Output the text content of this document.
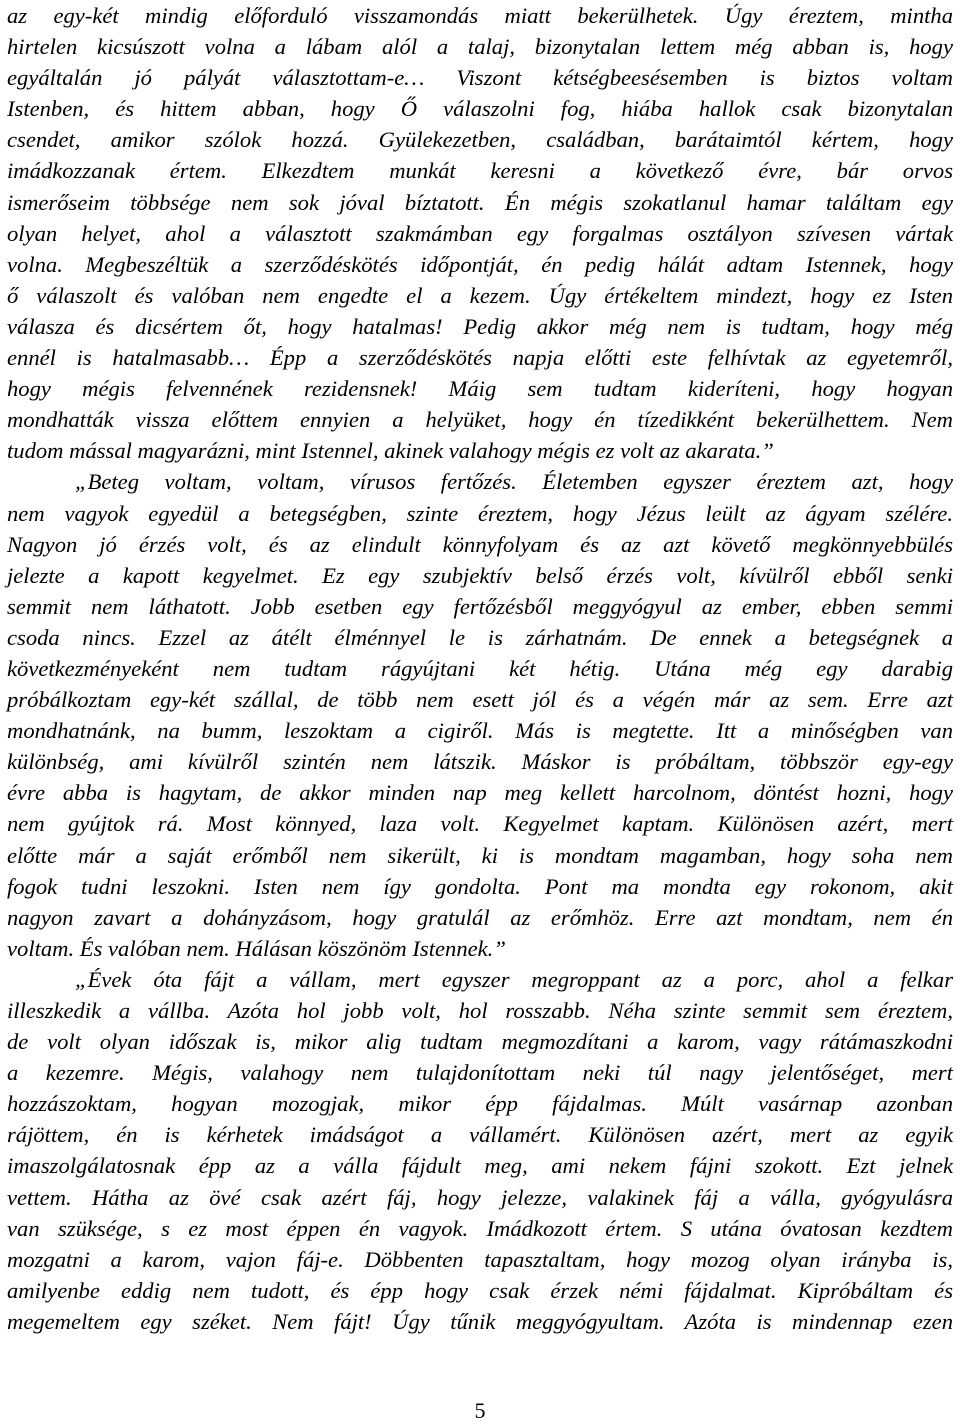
az egy-két mindig előforduló visszamondás miatt bekerülhetek. Úgy éreztem, mintha
hirtelen kicsúszott volna a lábam alól a talaj, bizonytalan lettem még abban is, hogy
egyáltalán jó pályát választottam-e… Viszont kétségbeesésemben is biztos voltam
Istenben, és hittem abban, hogy Ő válaszolni fog, hiába hallok csak bizonytalan
csendet, amikor szólok hozzá. Gyülekezetben, családban, barátaimtól kértem, hogy
imádkozzanak értem. Elkezdtem munkát keresni a következő évre, bár orvos
ismerőseim többsége nem sok jóval bíztatott. Én mégis szokatlanul hamar találtam egy
olyan helyet, ahol a választott szakmámban egy forgalmas osztályon szívesen vártak
volna. Megbeszéltük a szerződéskötés időpontját, én pedig hálát adtam Istennek, hogy
ő válaszolt és valóban nem engedte el a kezem. Úgy értékeltem mindezt, hogy ez Isten
válasza és dicsértem őt, hogy hatalmas! Pedig akkor még nem is tudtam, hogy még
ennél is hatalmasabb… Épp a szerződéskötés napja előtti este felhívtak az egyetemről,
hogy mégis felvennének rezidensnek! Máig sem tudtam kideríteni, hogy hogyan
mondhatták vissza előttem ennyien a helyüket, hogy én tízedikként bekerülhettem. Nem
tudom mással magyarázni, mint Istennel, akinek valahogy mégis ez volt az akarata.”
„Beteg voltam, voltam, vírusos fertőzés. Életemben egyszer éreztem azt, hogy
nem vagyok egyedül a betegségben, szinte éreztem, hogy Jézus leült az ágyam szélére.
Nagyon jó érzés volt, és az elindult könnyfolyam és az azt követő megkönnyebbülés
jelezte a kapott kegyelmet. Ez egy szubjektív belső érzés volt, kívülről ebből senki
semmit nem láthatott. Jobb esetben egy fertőzésből meggyógyul az ember, ebben semmi
csoda nincs. Ezzel az átélt élménnyel le is zárhatnám. De ennek a betegségnek a
következményeként nem tudtam rágyújtani két hétig. Utána még egy darabig
próbálkoztam egy-két szállal, de több nem esett jól és a végén már az sem. Erre azt
mondhatnánk, na bumm, leszoktam a cigiről. Más is megtette. Itt a minőségben van
különbség, ami kívülről szintén nem látszik. Máskor is próbáltam, többször egy-egy
évre abba is hagytam, de akkor minden nap meg kellett harcolnom, döntést hozni, hogy
nem gyújtok rá. Most könnyed, laza volt. Kegyelmet kaptam. Különösen azért, mert
előtte már a saját erőmből nem sikerült, ki is mondtam magamban, hogy soha nem
fogok tudni leszokni. Isten nem így gondolta. Pont ma mondta egy rokonom, akit
nagyon zavart a dohányzásom, hogy gratulál az erőmhöz. Erre azt mondtam, nem én
voltam. És valóban nem. Hálásan köszönöm Istennek.”
„Évek óta fájt a vállam, mert egyszer megroppant az a porc, ahol a felkar
illeszkedik a vállba. Azóta hol jobb volt, hol rosszabb. Néha szinte semmit sem éreztem,
de volt olyan időszak is, mikor alig tudtam megmozdítani a karom, vagy rátámaszkodni
a kezemre. Mégis, valahogy nem tulajdonítottam neki túl nagy jelentőséget, mert
hozzászoktam, hogyan mozogjak, mikor épp fájdalmas. Múlt vasárnap azonban
rájöttem, én is kérhetek imádságot a vállamért. Különösen azért, mert az egyik
imaszolgálatosnak épp az a válla fájdult meg, ami nekem fájni szokott. Ezt jelnek
vettem. Hátha az övé csak azért fáj, hogy jelezze, valakinek fáj a válla, gyógyulásra
van szüksége, s ez most éppen én vagyok. Imádkozott értem. S utána óvatosan kezdtem
mozgatni a karom, vajon fáj-e. Döbbenten tapasztaltam, hogy mozog olyan irányba is,
amilyenbe eddig nem tudott, és épp hogy csak érzek némi fájdalmat. Kipróbáltam és
megemeltem egy széket. Nem fájt! Úgy tűnik meggyógyultam. Azóta is mindennap ezen
5
